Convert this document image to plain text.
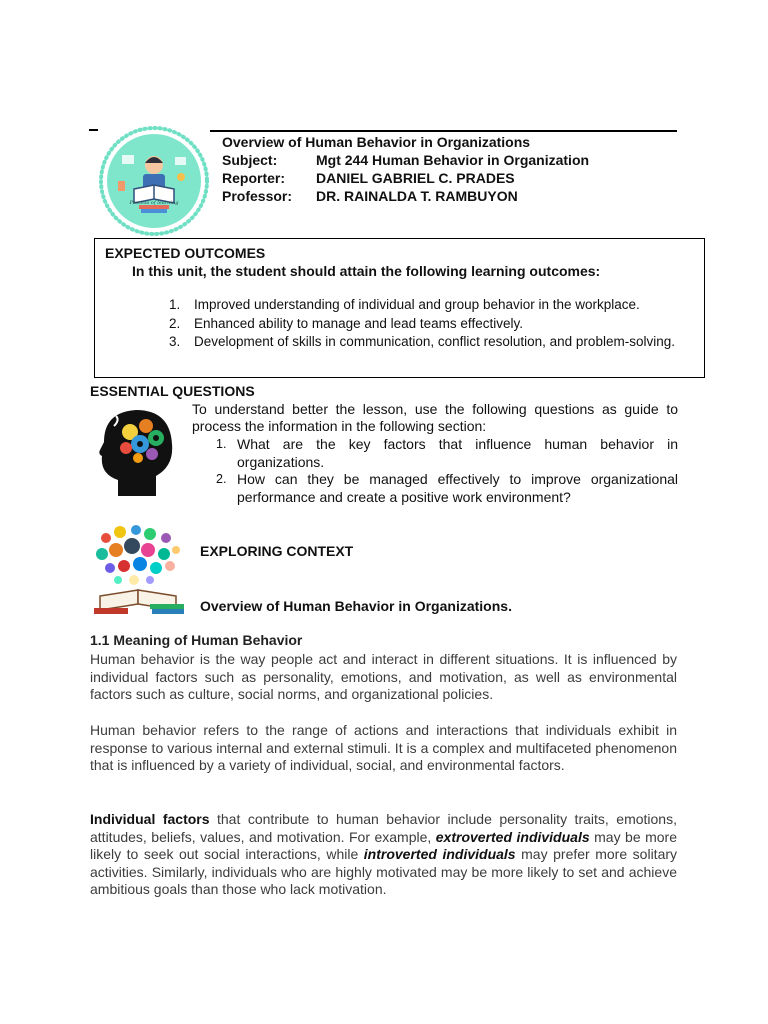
Process of learning
Overview of Human Behavior in Organizations
Subject:	Mgt 244 Human Behavior in Organization
Reporter:	DANIEL GABRIEL C. PRADES
Professor:	DR. RAINALDA T. RAMBUYON
EXPECTED OUTCOMES
In this unit, the student should attain the following learning outcomes:
1.	Improved understanding of individual and group behavior in the workplace.
2.	Enhanced ability to manage and lead teams effectively.
3.	Development of skills in communication, conflict resolution, and problem-solving.
ESSENTIAL QUESTIONS
To understand better the lesson, use the following questions as guide to process the information in the following section:
1. What are the key factors that influence human behavior in organizations.
2. How can they be managed effectively to improve organizational performance and create a positive work environment?
EXPLORING CONTEXT
Overview of Human Behavior in Organizations.
1.1 Meaning of Human Behavior

Human behavior is the way people act and interact in different situations. It is influenced by individual factors such as personality, emotions, and motivation, as well as environmental factors such as culture, social norms, and organizational policies.

Human behavior refers to the range of actions and interactions that individuals exhibit in response to various internal and external stimuli. It is a complex and multifaceted phenomenon that is influenced by a variety of individual, social, and environmental factors.

Individual factors that contribute to human behavior include personality traits, emotions, attitudes, beliefs, values, and motivation. For example, extroverted individuals may be more likely to seek out social interactions, while introverted individuals may prefer more solitary activities. Similarly, individuals who are highly motivated may be more likely to set and achieve ambitious goals than those who lack motivation.
